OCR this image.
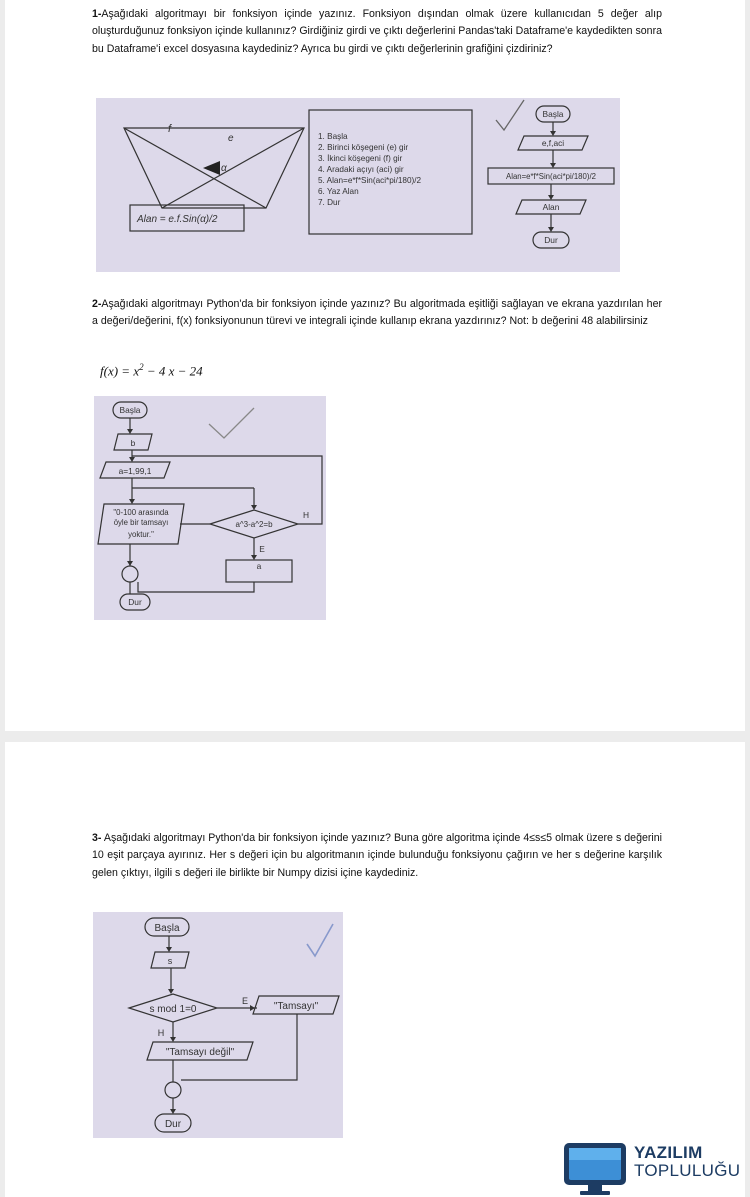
1-Aşağıdaki algoritmayı bir fonksiyon içinde yazınız. Fonksiyon dışından olmak üzere kullanıcıdan 5 değer alıp oluşturduğunuz fonksiyon içinde kullanınız? Girdiğiniz girdi ve çıktı değerlerini Pandas'taki Dataframe'e kaydedikten sonra bu Dataframe'i excel dosyasına kaydediniz? Ayrıca bu girdi ve çıktı değerlerinin grafiğini çizdiriniz?

f
e
α
Alan = e.f.Sin(α)/2
1. Başla
2. Birinci köşegeni (e) gir
3. İkinci köşegeni (f) gir
4. Aradaki açıyı (aci) gir
5. Alan=e*f*Sin(aci*pi/180)/2
6. Yaz Alan
7. Dur
Başla
e,f,aci
Alan=e*f*Sin(aci*pi/180)/2
Alan
Dur

2-Aşağıdaki algoritmayı Python'da bir fonksiyon içinde yazınız? Bu algoritmada eşitliği sağlayan ve ekrana yazdırılan her a değeri/değerini, f(x) fonksiyonunun türevi ve integrali içinde kullanıp ekrana yazdırınız? Not: b değerini 48 alabilirsiniz

$f(x) = x^2 - 4$ x − 24
Başla
b
a=1,99,1
"0-100 arasında
öyle bir tamsayı
yoktur."
a^3-a^2=b
H
E
a
Dur

3- Aşağıdaki algoritmayı Python'da bir fonksiyon içinde yazınız? Buna göre algoritma içinde 4≤s≤5 olmak üzere s değerini 10 eşit parçaya ayırınız. Her s değeri için bu algoritmanın içinde bulunduğu fonksiyonu çağırın ve her s değerine karşılık gelen çıktıyı, ilgili s değeri ile birlikte bir Numpy dizisi içine kaydediniz.

Başla
s
s mod 1=0
E
H
"Tamsayı"
"Tamsayı değil"
Dur
YAZILIM
TOPLULUĞU
